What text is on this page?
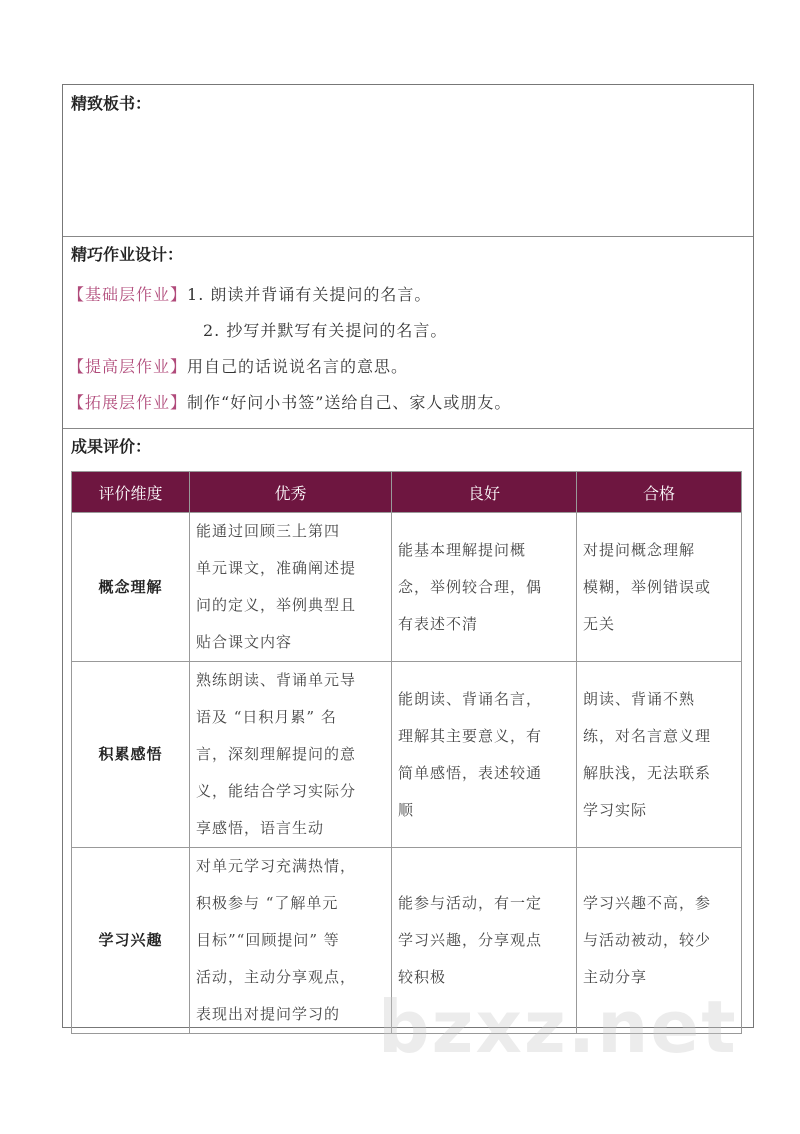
精致板书：
精巧作业设计：
【基础层作业】1. 朗读并背诵有关提问的名言。
2. 抄写并默写有关提问的名言。
【提高层作业】用自己的话说说名言的意思。
【拓展层作业】制作“好问小书签”送给自己、家人或朋友。
成果评价：
评价维度	优秀	良好	合格
概念理解	能通过回顾三上第四
单元课文，准确阐述提
问的定义，举例典型且
贴合课文内容	能基本理解提问概
念，举例较合理，偶
有表述不清	对提问概念理解
模糊，举例错误或
无关

积累感悟	熟练朗读、背诵单元导
语及 “日积月累” 名
言，深刻理解提问的意
义，能结合学习实际分
享感悟，语言生动	能朗读、背诵名言，
理解其主要意义，有
简单感悟，表述较通
顺	朗读、背诵不熟
练，对名言意义理
解肤浅，无法联系
学习实际

学习兴趣	对单元学习充满热情，
积极参与 “了解单元
目标”“回顾提问” 等
活动，主动分享观点，
表现出对提问学习的	能参与活动，有一定
学习兴趣，分享观点
较积极	学习兴趣不高，参
与活动被动，较少
主动分享
bzxz.net
